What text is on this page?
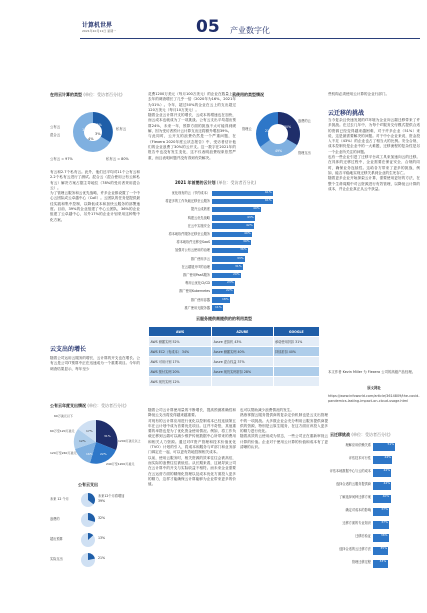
计算机世界
2021年10月11日 星期一	05 产业数字化
在用云计算的类型 (单位：受访者百分比)
17%
76%
3%
4%
公有云
混合云
私有云
公有云 = 97%	私有云 = 80%
有云和2.7个私有云。此外，他们还平均对11个公有云和2.2个私有云进行了测试。混合云（混合使用公有云和私有云）解决方案占据主导地位（78%的受访者采用混合云）。
为了管理云服务和云优先战略，许多企业都设置了一个中心云团队或云卓越中心（CoE）。云团队的任务是提供最佳实践和集中控制，以降低成本和加快云服务的部署速度。目前，39%的企业组建了中心云团队，36%的企业组建了云卓越中心，另外17%的企业计划采用这种集中化方案。
云支出的增长
随着公司运用云服务的增长，云计算的开支也在增长。公有云是公司IT预算中正在迅速成为一个重要项目。今年的调查结果显示，每年至少
公有云年度支出情况 (单位：受访者百分比)
17%
12%
16% 22%
31%
60万美元以下
60万至120万美元
120万至240万美元
240万至1200万美元
1200万美元以上
公有云支出
未来 12 个月
未来12个月将增加
39%
浪费的	32%
超出预算	13%
实际支出	21%
花费1200万美元（每月100万美元）的企业在数量上比去年的调查增长了几乎一倍（2020年为16%，2021年为31%）。今年，超过50%的企业在云上的支出超过120万美元（每月10万美元）。
随着企业云计算开支的增长，云成本的增速也在加快，而云成本也就成为了一项挑战。公有云支出平均超出预算24%，未来一年，预算方面的挑战不太可能得到缓解，因为受访者预计云计算支出还将额外增加39%。
与此同时，云开支的浪费仍然是一个严重问题，在《Flexera 2020年度云状态报告》中，受访者估计他们的企业浪费了30%的云开支。这一数字在2021年的报告中也没有发生变化，这不仅表明浪费现象依然严重，而且表明问题并没有得到有效解决。
云使用的类型情况
管理云
浪费的云
管理支出
21%
30%
49%
2021 年首要的云计划 (单位：受访者百分比)
优化现有的云（节约成本）	61%
将更多的工作负载迁移至云服务	61%
提升云成熟度	49%
构建云优先战略	43%
在云中实施安全	42%
将本地软件服务迁移至云服务	40%
将本地软件迁移至SaaS	39%
加强对公有云使用的治理	36%
推广使用多云	33%
在云端展开IT的治理	31%
推广使用PaaS服务	29%
利用云优化CI/CD	23%
推广使用Kubernetes	22%
推广使用容器	18%
推广使用无服务器 11%
云服务提供商提供的的利用类型
AWS	AZURE	GOOGLE
AWS 储蓄实例 52%	Azure 虚拟机 43%	承诺使用折扣 31%
AWS EC2（有成本） 34%	Azure 储蓄实例 40%	持续折扣 40%
AWS 可用计划 17%	Azure 混合权益 37%	
AWS 预付实例 20%	Azure 现货实例折扣 28%	
AWS 现货实例 12%		
随着公司云计算使用量的不断增长，提高预测准确性和降低云支出将变得越来越重要。
对现有的云计算应用进行优化以控制成本已经连续第五年在云计划中成为首要优先项目。这并不奇怪，其他重要的举措也是为了优化资金使用情况。例如，将工作负载迁移到云端可以减少维护传统数据中心所带来的费用和相关人力资源。通过对IT资产管理和技术价值优化（TVO）计划的引入，将成本和服务与IT部门和业务部门绑定在一起，可以更有效地控制相关成本。
以前，使用云服务时，相关资源的效率往往会被高估，而实际的浪费往往被低估。从长期来看，这就导致公司在云计算中的开支与实际收益不相符。而未来企业需要在云运营方面的精细化管理以及成本优化方面投入更多的精力，这样才能确保云计算能够为企业带来更多的价值。
也可以帮助减少浪费情况的发生。
熟练掌握云服务提供商的复杂定价机制也是云支出管理中的一项挑战。大多数企业会充分利用云服务提供商提供的资源，特别是云原生服务，在这方面应该投入更多的精力进行优化。
随着高效的云使用成为常态，一些公司正在重新审视云计算的价值。企业对于使用云计算的价值和成本有了更清晰的认识。
些机构必须使用云计算的企业行部门。
云迁移的挑战
当今复杂且快速发展的IT环境为企业向云端迁移带来了许多挑战。在过去几年中，为每个IT服务交付模式提供合适的资源已经变得越来越困难，对于许多企业（51%）来说，这是最需要解决的问题。对于中小企业来说，资金投入不足（43%）的企业也占了相当大的比例。安全合规、成本控制仍是企业中的一大难题，迁移流程的复杂性是另一个企业所关注的问题。
也有一些企业引进了迁移平台或工具来加速向云的迁移。在具体的迁移过程中，企业需要在保证安全、合规的同时，确保业务连续性。这给各方带来了更多的挑战，例如，能否平稳地实现迁移关系到企业的生死存亡。
随着更多企业开始探索云计算，需要使用更好的方法，在整个生命周期中对云资源进行有效管理，以降低云计算的成本，并让企业真正从云中获益。
本文作者 Kevin Miller 为 Flexera 公司的高级产品经理。
原文网址
https://www.infoworld.com/article/3614809/the-covid-pandemics-lasting-impact-on-cloud-usage.html
云迁移挑战 (单位：受访者百分比)
理解应用依赖关系	51%
评估技术可行性	44%
评估本地数据中心与云的成本	42%
选择合适的云服务提供商	42%
了解选择何种迁移方案	40%
确定对成本的影响	37%
迁移方面的专业知识	37%
迁移后验证	36%
选择合适的云迁移方法	35%
管理迁移过程	33%
